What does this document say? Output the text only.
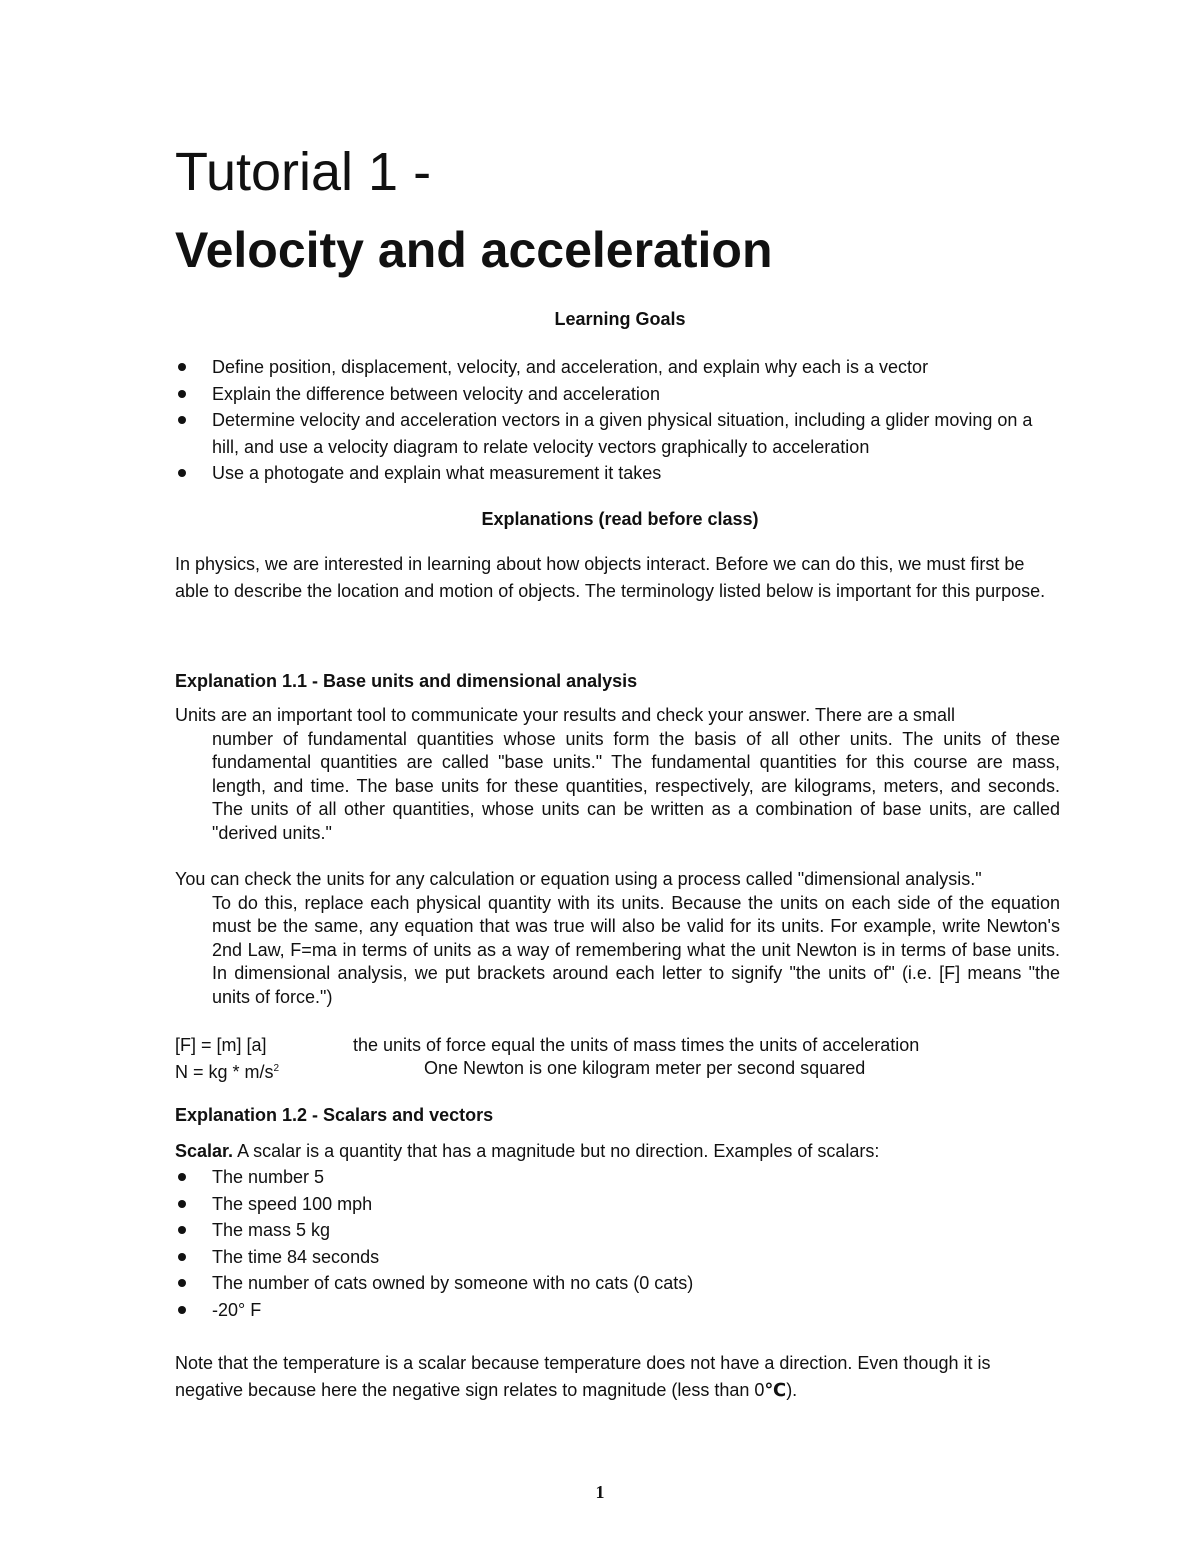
Tutorial 1 -
Velocity and acceleration
Learning Goals
Define position, displacement, velocity, and acceleration, and explain why each is a vector
Explain the difference between velocity and acceleration
Determine velocity and acceleration vectors in a given physical situation, including a glider moving on a hill, and use a velocity diagram to relate velocity vectors graphically to acceleration
Use a photogate and explain what measurement it takes
Explanations (read before class)

In physics, we are interested in learning about how objects interact. Before we can do this, we must first be able to describe the location and motion of objects. The terminology listed below is important for this purpose.

Explanation 1.1 - Base units and dimensional analysis

Units are an important tool to communicate your results and check your answer. There are a small
number of fundamental quantities whose units form the basis of all other units. The units of these fundamental quantities are called "base units." The fundamental quantities for this course are mass, length, and time. The base units for these quantities, respectively, are kilograms, meters, and seconds. The units of all other quantities, whose units can be written as a combination of base units, are called "derived units."

You can check the units for any calculation or equation using a process called "dimensional analysis."
To do this, replace each physical quantity with its units. Because the units on each side of the equation must be the same, any equation that was true will also be valid for its units. For example, write Newton's 2nd Law, F=ma in terms of units as a way of remembering what the unit Newton is in terms of base units. In dimensional analysis, we put brackets around each letter to signify "the units of" (i.e. [F] means "the units of force.")

[F] = [m] [a]	the units of force equal the units of mass times the units of acceleration
N = kg * $m/s^2$	One Newton is one kilogram meter per second squared
Explanation 1.2 - Scalars and vectors

Scalar. A scalar is a quantity that has a magnitude but no direction. Examples of scalars:

The number 5
The speed 100 mph
The mass 5 kg
The time 84 seconds
The number of cats owned by someone with no cats (0 cats)
-20° F

Note that the temperature is a scalar because temperature does not have a direction. Even though it is negative because here the negative sign relates to magnitude (less than 0℃).

1
